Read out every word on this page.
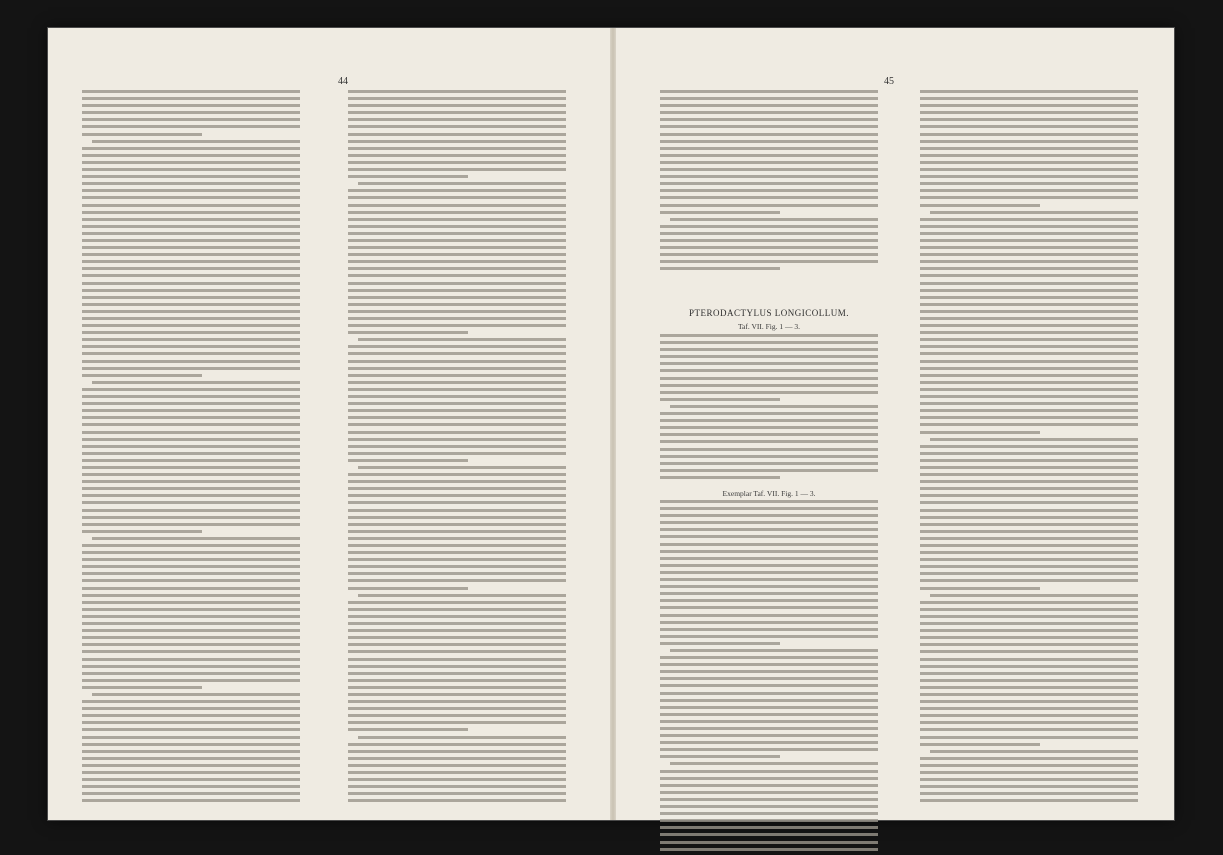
44	45
PTERODACTYLUS LONGICOLLUM.
Taf. VII. Fig. 1 — 3.
Exemplar Taf. VII. Fig. 1 — 3.
